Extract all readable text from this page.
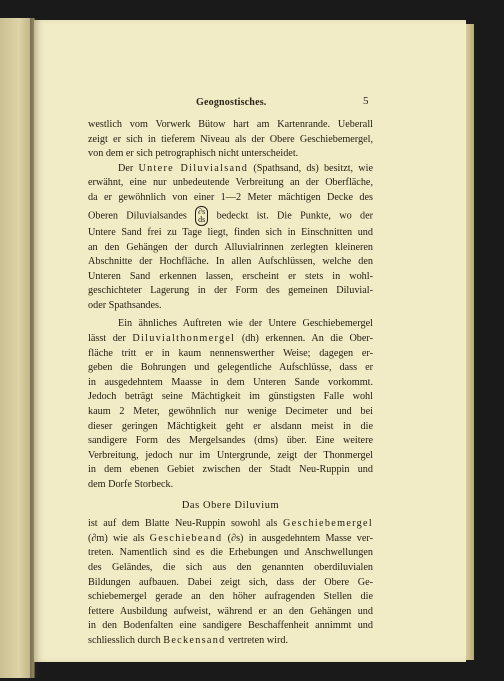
Geognostisches.	5
westlich vom Vorwerk Bütow hart am Kartenrande. Ueberall
zeigt er sich in tieferem Niveau als der Obere Geschiebemergel,
von dem er sich petrographisch nicht unterscheidet.
Der Untere Diluvialsand (Spathsand, ds) besitzt, wie
erwähnt, eine nur unbedeutende Verbreitung an der Oberfläche,
da er gewöhnlich von einer 1—2 Meter mächtigen Decke des
Oberen Diluvialsandes ∂s
ds bedeckt ist. Die Punkte, wo der
Untere Sand frei zu Tage liegt, finden sich in Einschnitten und
an den Gehängen der durch Alluvialrinnen zerlegten kleineren
Abschnitte der Hochfläche. In allen Aufschlüssen, welche den
Unteren Sand erkennen lassen, erscheint er stets in wohl-
geschichteter Lagerung in der Form des gemeinen Diluvial-
oder Spathsandes.
Ein ähnliches Auftreten wie der Untere Geschiebemergel
lässt der Diluvialthonmergel (dh) erkennen. An die Ober-
fläche tritt er in kaum nennenswerther Weise; dagegen er-
geben die Bohrungen und gelegentliche Aufschlüsse, dass er
in ausgedehntem Maasse in dem Unteren Sande vorkommt.
Jedoch beträgt seine Mächtigkeit im günstigsten Falle wohl
kaum 2 Meter, gewöhnlich nur wenige Decimeter und bei
dieser geringen Mächtigkeit geht er alsdann meist in die
sandigere Form des Mergelsandes (dms) über. Eine weitere
Verbreitung, jedoch nur im Untergrunde, zeigt der Thonmergel
in dem ebenen Gebiet zwischen der Stadt Neu-Ruppin und
dem Dorfe Storbeck.
Das Obere Diluvium
ist auf dem Blatte Neu-Ruppin sowohl als Geschiebemergel
(∂m) wie als Geschiebeand (∂s) in ausgedehntem Masse ver-
treten. Namentlich sind es die Erhebungen und Anschwellungen
des Geländes, die sich aus den genannten oberdiluvialen
Bildungen aufbauen. Dabei zeigt sich, dass der Obere Ge-
schiebemergel gerade an den höher aufragenden Stellen die
fettere Ausbildung aufweist, während er an den Gehängen und
in den Bodenfalten eine sandigere Beschaffenheit annimmt und
schliesslich durch Beckensand vertreten wird.
